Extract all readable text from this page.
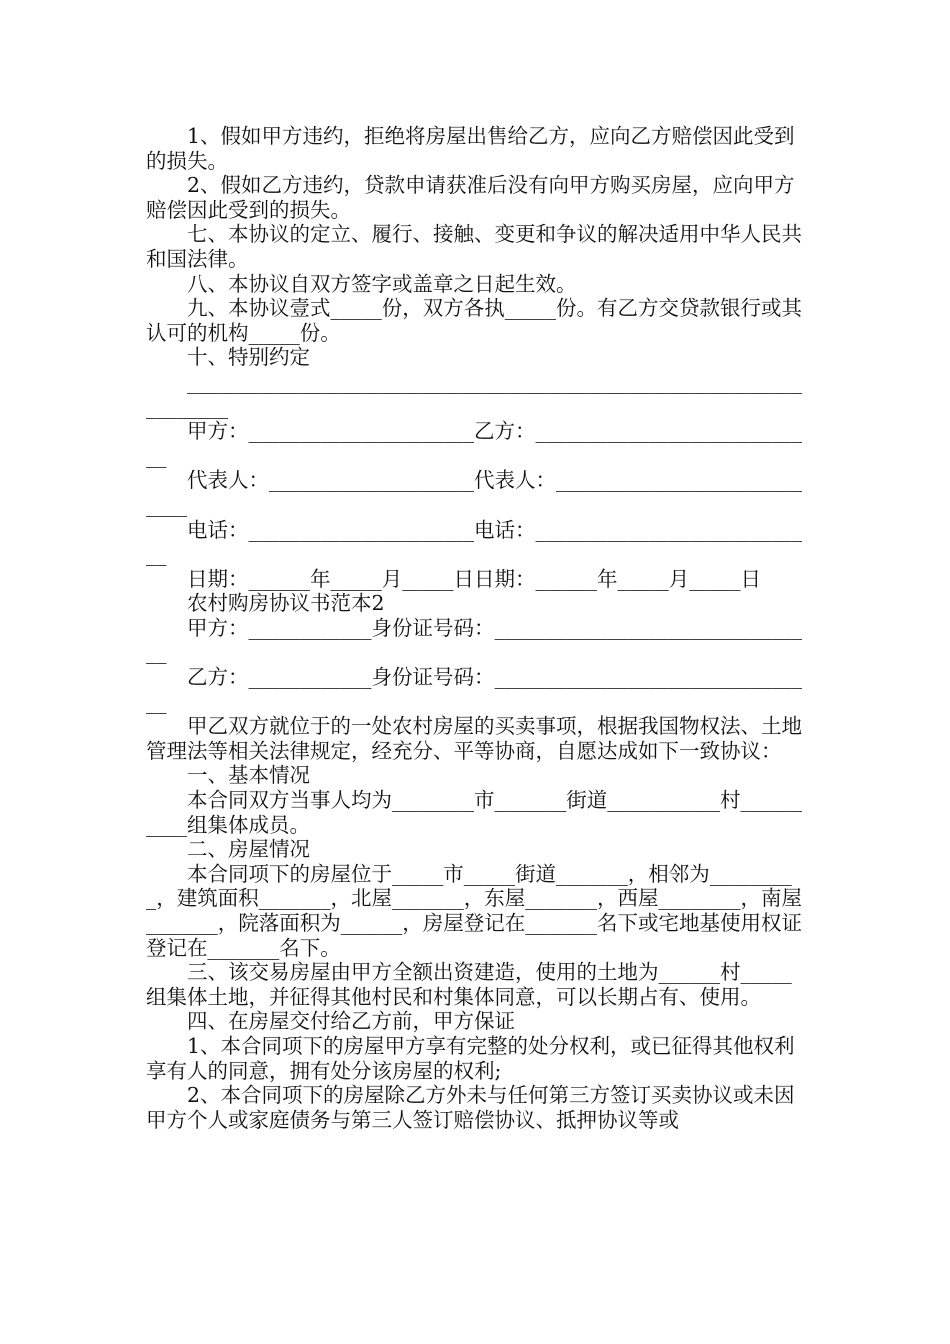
1、假如甲方违约，拒绝将房屋出售给乙方，应向乙方赔偿因此受到的损失。

2、假如乙方违约，贷款申请获准后没有向甲方购买房屋，应向甲方赔偿因此受到的损失。

七、本协议的定立、履行、接触、变更和争议的解决适用中华人民共和国法律。

八、本协议自双方签字或盖章之日起生效。

九、本协议壹式_____份，双方各执_____份。有乙方交贷款银行或其认可的机构_____份。

十、特别约定

____________________________________________________________________

甲方：______________________乙方：____________________________

代表人：____________________代表人：____________________________

电话：______________________电话：____________________________

日期：______年_____月_____日日期：______年_____月_____日

农村购房协议书范本2

甲方：____________身份证号码：________________________________

乙方：____________身份证号码：________________________________

甲乙双方就位于的一处农村房屋的买卖事项，根据我国物权法、土地管理法等相关法律规定，经充分、平等协商，自愿达成如下一致协议：

一、基本情况

本合同双方当事人均为________市_______街道___________村__________组集体成员。

二、房屋情况

本合同项下的房屋位于_____市_____街道_______，相邻为_________，建筑面积_______，北屋_______，东屋_______，西屋________，南屋_______，院落面积为______，房屋登记在_______名下或宅地基使用权证登记在_______名下。

三、该交易房屋由甲方全额出资建造，使用的土地为______村_____组集体土地，并征得其他村民和村集体同意，可以长期占有、使用。

四、在房屋交付给乙方前，甲方保证

1、本合同项下的房屋甲方享有完整的处分权利，或已征得其他权利享有人的同意，拥有处分该房屋的权利;

2、本合同项下的房屋除乙方外未与任何第三方签订买卖协议或未因甲方个人或家庭债务与第三人签订赔偿协议、抵押协议等或
